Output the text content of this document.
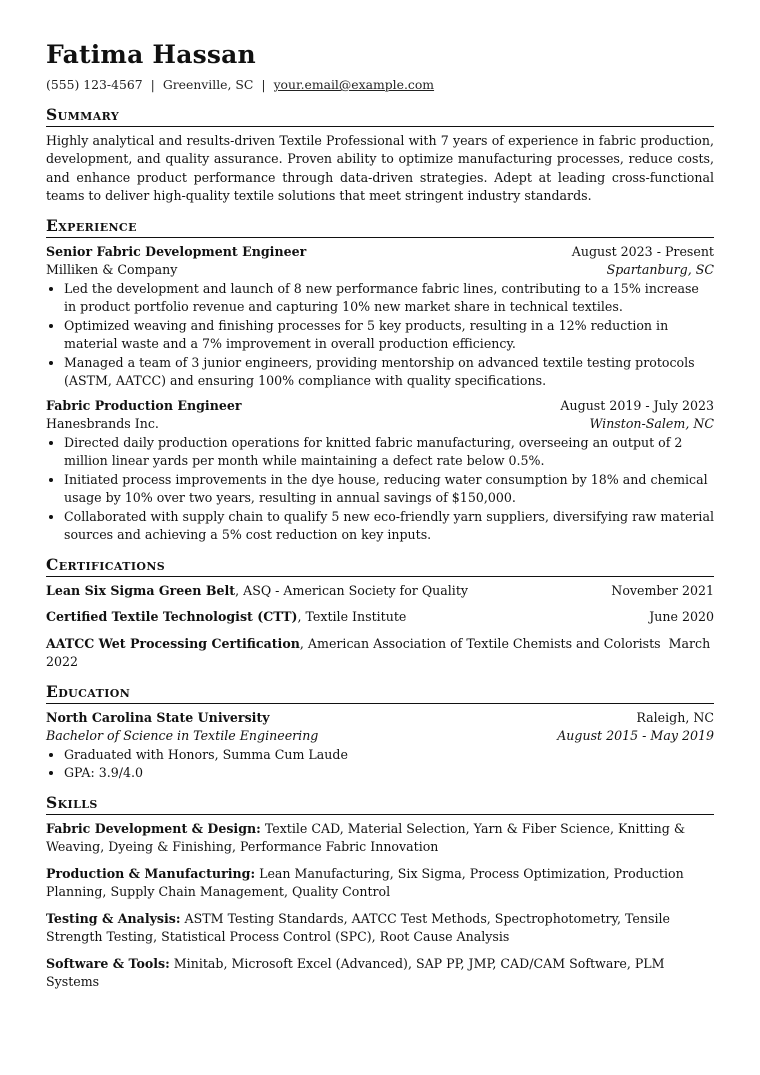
Fatima Hassan
(555) 123-4567 | Greenville, SC | your.email@example.com
Summary
Highly analytical and results-driven Textile Professional with 7 years of experience in fabric production, development, and quality assurance. Proven ability to optimize manufacturing processes, reduce costs, and enhance product performance through data-driven strategies. Adept at leading cross-functional teams to deliver high-quality textile solutions that meet stringent industry standards.
Experience
Senior Fabric Development Engineer	August 2023 - Present
Milliken & Company	Spartanburg, SC
• Led the development and launch of 8 new performance fabric lines, contributing to a 15% increase in product portfolio revenue and capturing 10% new market share in technical textiles.
• Optimized weaving and finishing processes for 5 key products, resulting in a 12% reduction in material waste and a 7% improvement in overall production efficiency.
• Managed a team of 3 junior engineers, providing mentorship on advanced textile testing protocols (ASTM, AATCC) and ensuring 100% compliance with quality specifications.
Fabric Production Engineer	August 2019 - July 2023
Hanesbrands Inc.	Winston-Salem, NC
• Directed daily production operations for knitted fabric manufacturing, overseeing an output of 2 million linear yards per month while maintaining a defect rate below 0.5%.
• Initiated process improvements in the dye house, reducing water consumption by 18% and chemical usage by 10% over two years, resulting in annual savings of $150,000.
• Collaborated with supply chain to qualify 5 new eco-friendly yarn suppliers, diversifying raw material sources and achieving a 5% cost reduction on key inputs.
Certifications
Lean Six Sigma Green Belt, ASQ - American Society for Quality	November 2021
Certified Textile Technologist (CTT), Textile Institute	June 2020
AATCC Wet Processing Certification, American Association of Textile Chemists and Colorists March 2022
Education
North Carolina State University	Raleigh, NC
Bachelor of Science in Textile Engineering	August 2015 - May 2019
• Graduated with Honors, Summa Cum Laude
• GPA: 3.9/4.0
Skills
Fabric Development & Design: Textile CAD, Material Selection, Yarn & Fiber Science, Knitting & Weaving, Dyeing & Finishing, Performance Fabric Innovation
Production & Manufacturing: Lean Manufacturing, Six Sigma, Process Optimization, Production Planning, Supply Chain Management, Quality Control
Testing & Analysis: ASTM Testing Standards, AATCC Test Methods, Spectrophotometry, Tensile Strength Testing, Statistical Process Control (SPC), Root Cause Analysis
Software & Tools: Minitab, Microsoft Excel (Advanced), SAP PP, JMP, CAD/CAM Software, PLM Systems
